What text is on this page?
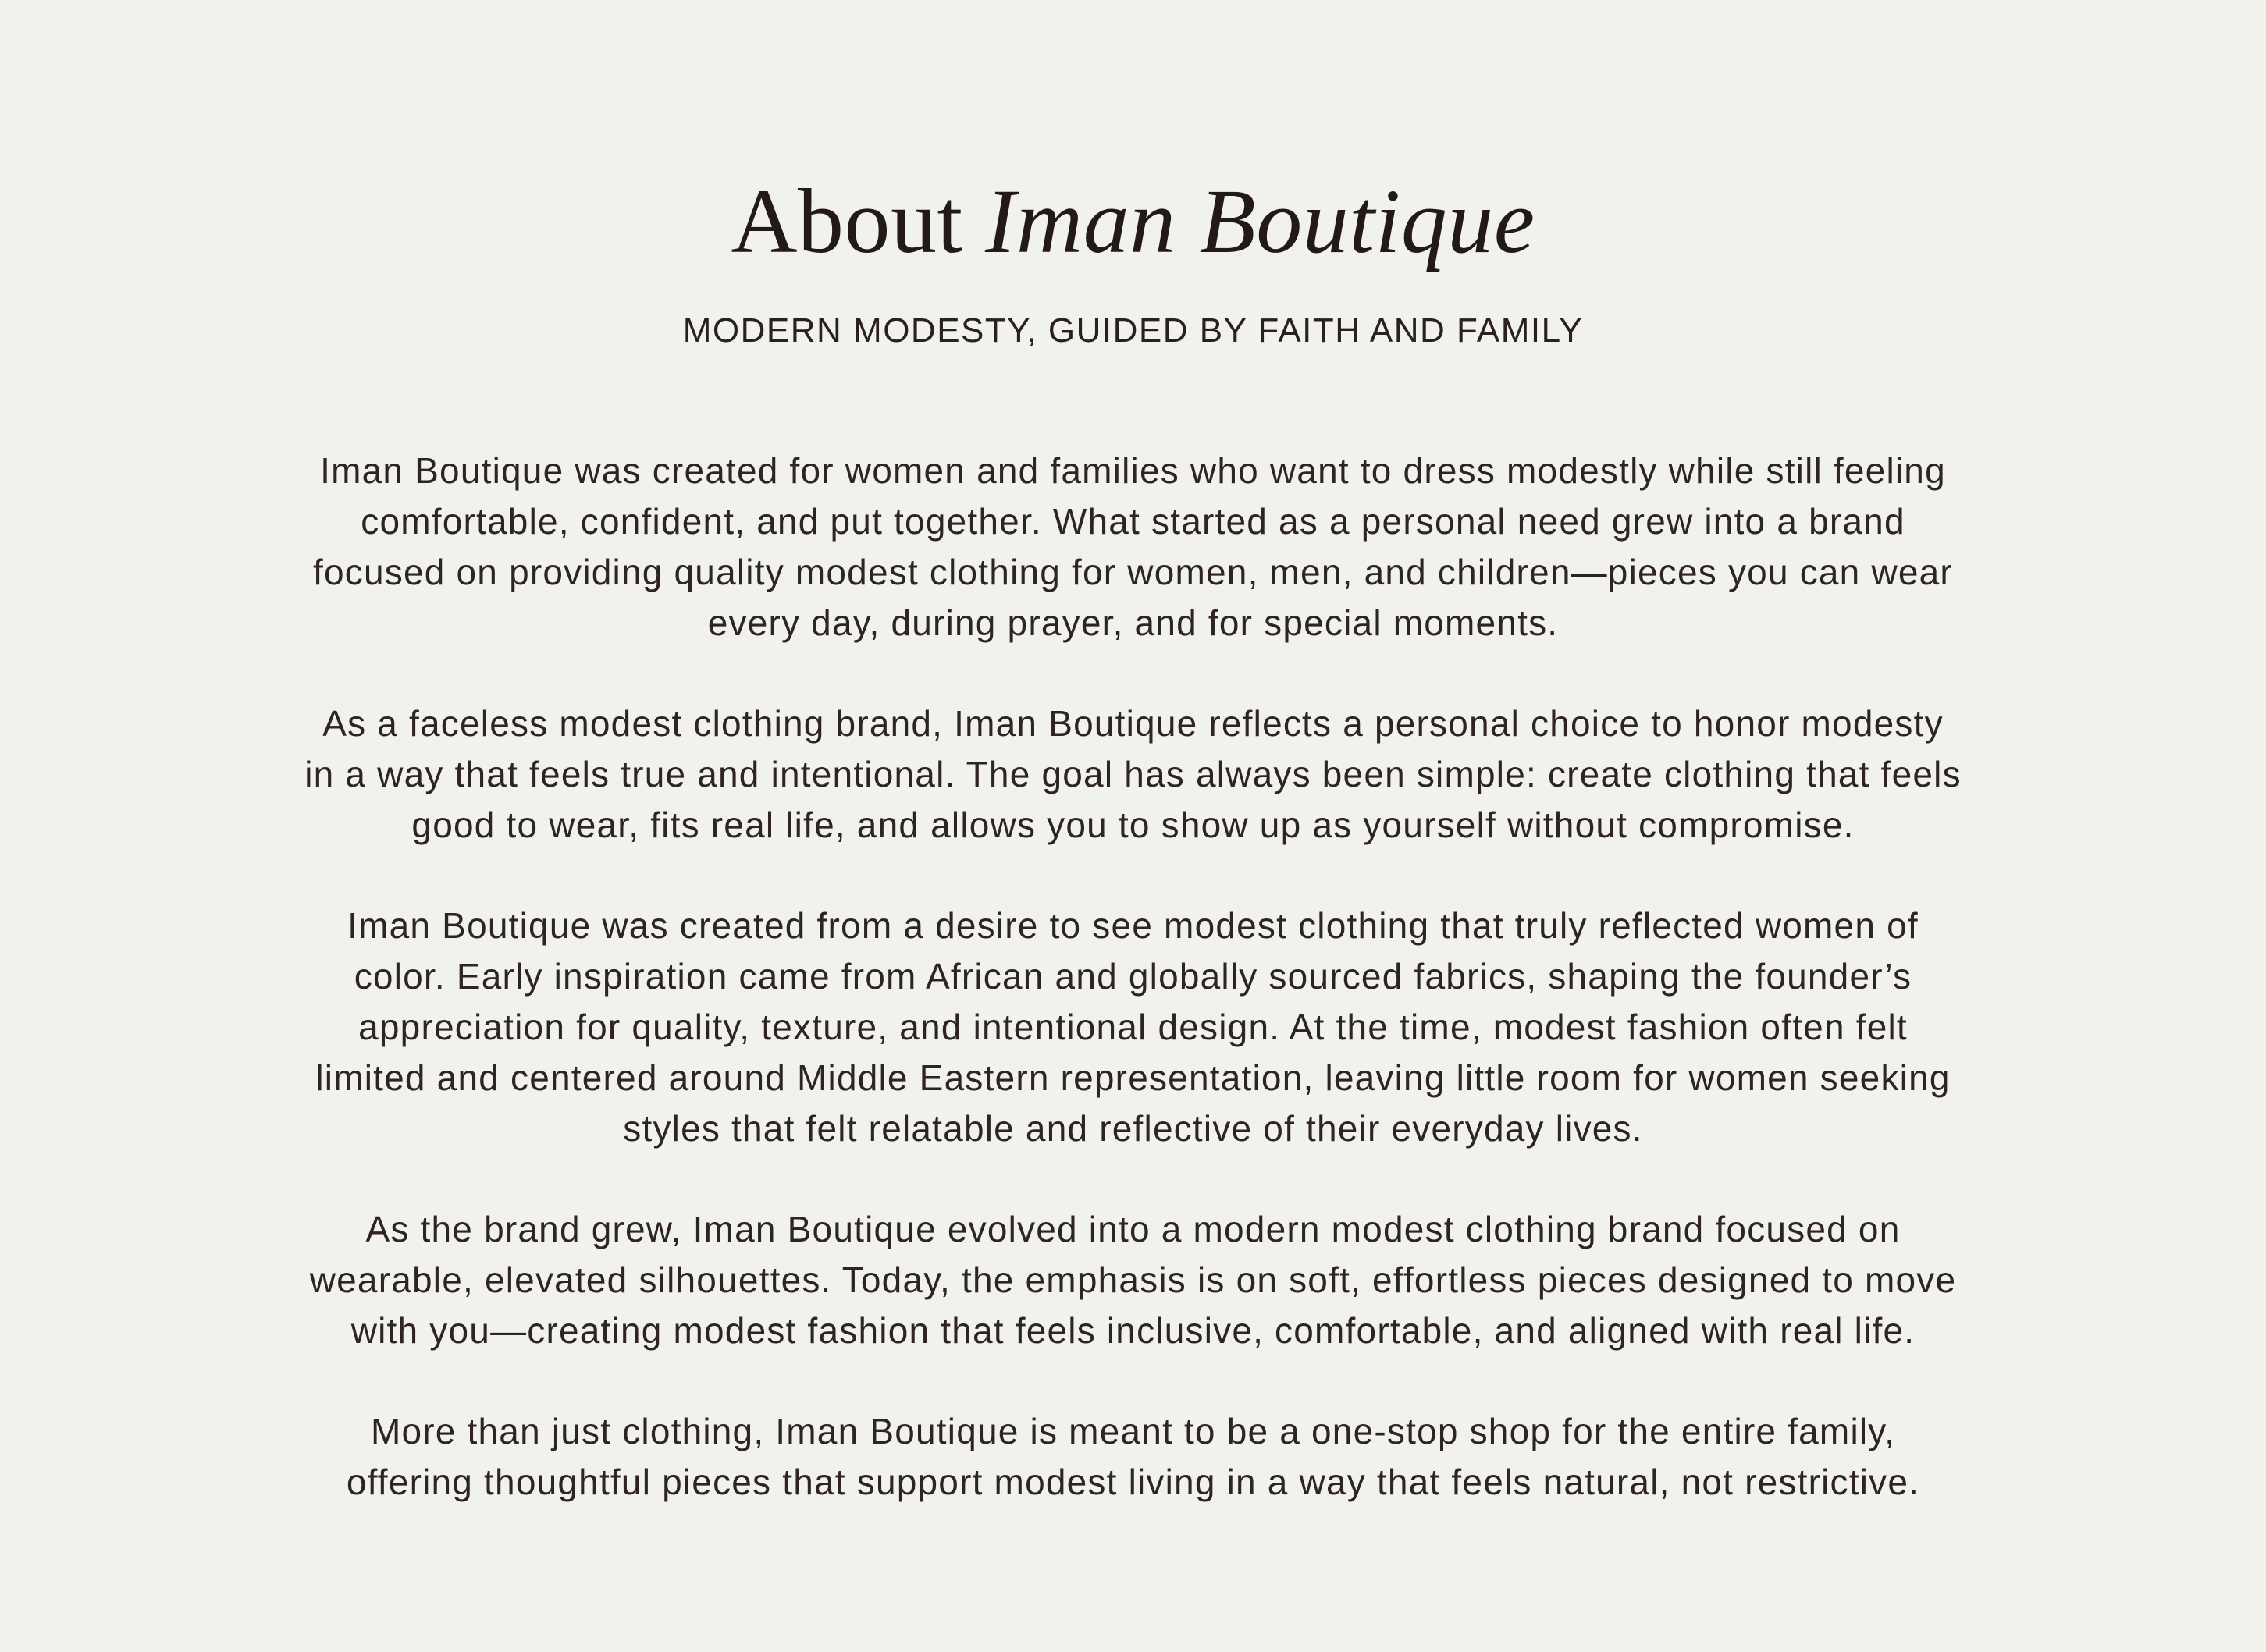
About Iman Boutique
MODERN MODESTY, GUIDED BY FAITH AND FAMILY

Iman Boutique was created for women and families who want to dress modestly while still feeling
comfortable, confident, and put together. What started as a personal need grew into a brand
focused on providing quality modest clothing for women, men, and children—pieces you can wear
every day, during prayer, and for special moments.

As a faceless modest clothing brand, Iman Boutique reflects a personal choice to honor modesty
in a way that feels true and intentional. The goal has always been simple: create clothing that feels
good to wear, fits real life, and allows you to show up as yourself without compromise.

Iman Boutique was created from a desire to see modest clothing that truly reflected women of
color. Early inspiration came from African and globally sourced fabrics, shaping the founder’s
appreciation for quality, texture, and intentional design. At the time, modest fashion often felt
limited and centered around Middle Eastern representation, leaving little room for women seeking
styles that felt relatable and reflective of their everyday lives.

As the brand grew, Iman Boutique evolved into a modern modest clothing brand focused on
wearable, elevated silhouettes. Today, the emphasis is on soft, effortless pieces designed to move
with you—creating modest fashion that feels inclusive, comfortable, and aligned with real life.

More than just clothing, Iman Boutique is meant to be a one-stop shop for the entire family,
offering thoughtful pieces that support modest living in a way that feels natural, not restrictive.
